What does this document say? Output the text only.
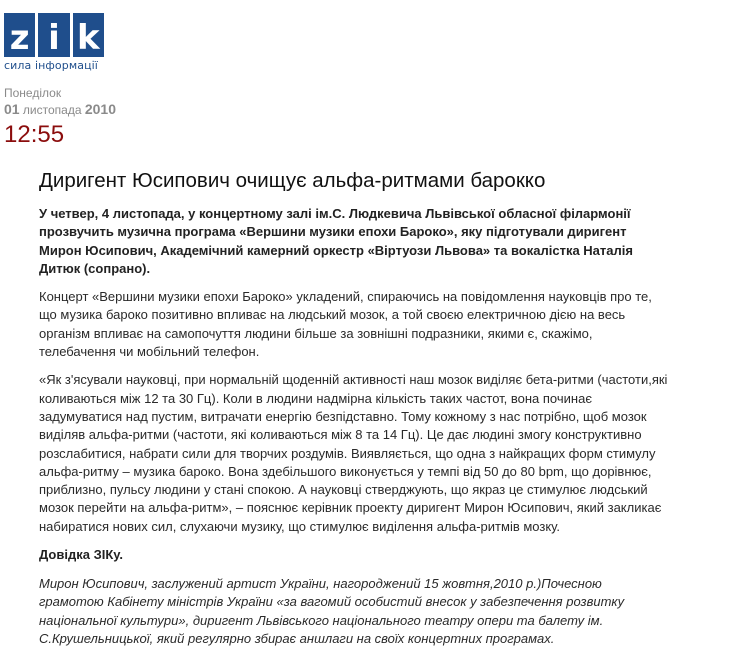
z i k
сила інформації
Понеділок
01 листопада 2010
12:55
Диригент Юсипович очищує альфа-ритмами барокко

У четвер, 4 листопада, у концертному залі ім.С. Людкевича Львівської обласної філармонії
прозвучить музична програма «Вершини музики епохи Бароко», яку підготували диригент
Мирон Юсипович, Академічний камерний оркестр «Віртуози Львова» та вокалістка Наталія
Дитюк (сопрано).

Концерт «Вершини музики епохи Бароко» укладений, спираючись на повідомлення науковців про те,
що музика бароко позитивно впливає на людський мозок, а той своєю електричною дією на весь
організм впливає на самопочуття людини більше за зовнішні подразники, якими є, скажімо,
телебачення чи мобільний телефон.

«Як з'ясували науковці, при нормальній щоденній активності наш мозок виділяє бета-ритми (частоти,які
коливаються між 12 та 30 Гц). Коли в людини надмірна кількість таких частот, вона починає
задумуватися над пустим, витрачати енергію безпідставно. Тому кожному з нас потрібно, щоб мозок
виділяв альфа-ритми (частоти, які коливаються між 8 та 14 Гц). Це дає людині змогу конструктивно
розслабитися, набрати сили для творчих роздумів. Виявляється, що одна з найкращих форм стимулу
альфа-ритму – музика бароко. Вона здебільшого виконується у темпі від 50 до 80 bpm, що дорівнює,
приблизно, пульсу людини у стані спокою. А науковці стверджують, що якраз це стимулює людський
мозок перейти на альфа-ритм», – пояснює керівник проекту диригент Мирон Юсипович, який закликає
набиратися нових сил, слухаючи музику, що стимулює виділення альфа-ритмів мозку.

Довідка ЗІКу.

Мирон Юсипович, заслужений артист України, нагороджений 15 жовтня,2010 р.)Почесною
грамотою Кабінету міністрів України «за вагомий особистий внесок у забезпечення розвитку
національної культури», диригент Львівського національного театру опери та балету ім.
С.Крушельницької, який регулярно збирає аншлаги на своїх концертних програмах.
